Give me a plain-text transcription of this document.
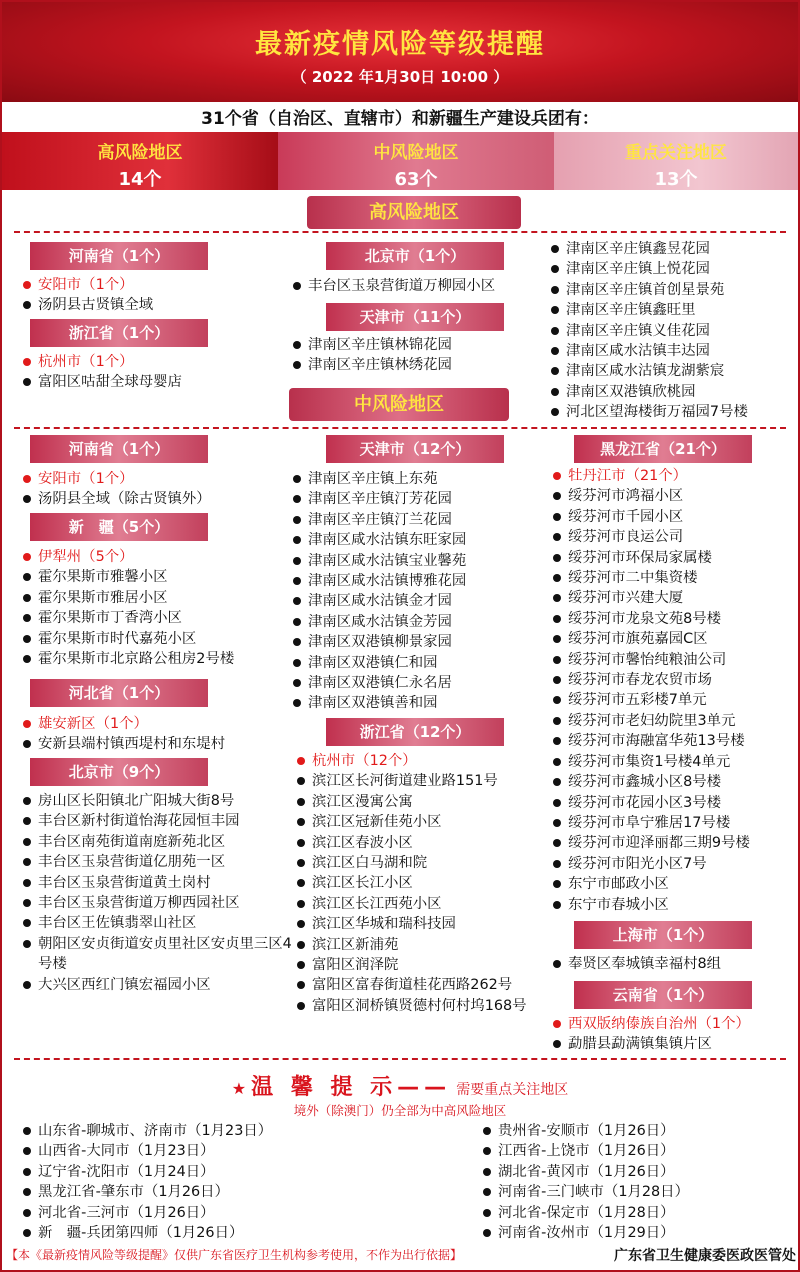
最新疫情风险等级提醒
（ 2022 年1月30日 10:00 ）
31个省（自治区、直辖市）和新疆生产建设兵团有：
高风险地区
14个
中风险地区
63个
重点关注地区
13个
高风险地区
河南省（1个）
安阳市（1个）
汤阴县古贤镇全域
浙江省（1个）
杭州市（1个）
富阳区咕甜全球母婴店
北京市（1个）
丰台区玉泉营街道万柳园小区
天津市（11个）
津南区辛庄镇林锦花园
津南区辛庄镇林绣花园
津南区辛庄镇鑫昱花园
津南区辛庄镇上悦花园
津南区辛庄镇首创星景苑
津南区辛庄镇鑫旺里
津南区辛庄镇义佳花园
津南区咸水沽镇丰达园
津南区咸水沽镇龙湖紫宸
津南区双港镇欣桃园
河北区望海楼街万福园7号楼
中风险地区
河南省（1个）
安阳市（1个）
汤阴县全域（除古贤镇外）
新　疆（5个）
伊犁州（5个）
霍尔果斯市雅馨小区
霍尔果斯市雅居小区
霍尔果斯市丁香湾小区
霍尔果斯市时代嘉苑小区
霍尔果斯市北京路公租房2号楼
河北省（1个）
雄安新区（1个）
安新县端村镇西堤村和东堤村
北京市（9个）
房山区长阳镇北广阳城大街8号
丰台区新村街道怡海花园恒丰园
丰台区南苑街道南庭新苑北区
丰台区玉泉营街道亿朋苑一区
丰台区玉泉营街道黄土岗村
丰台区玉泉营街道万柳西园社区
丰台区王佐镇翡翠山社区
朝阳区安贞街道安贞里社区安贞里三区4号楼
大兴区西红门镇宏福园小区
天津市（12个）
津南区辛庄镇上东苑
津南区辛庄镇汀芳花园
津南区辛庄镇汀兰花园
津南区咸水沽镇东旺家园
津南区咸水沽镇宝业馨苑
津南区咸水沽镇博雅花园
津南区咸水沽镇金才园
津南区咸水沽镇金芳园
津南区双港镇柳景家园
津南区双港镇仁和园
津南区双港镇仁永名居
津南区双港镇善和园
浙江省（12个）
杭州市（12个）
滨江区长河街道建业路151号
滨江区漫寓公寓
滨江区冠新佳苑小区
滨江区春波小区
滨江区白马湖和院
滨江区长江小区
滨江区长江西苑小区
滨江区华城和瑞科技园
滨江区新浦苑
富阳区润泽院
富阳区富春街道桂花西路262号
富阳区洞桥镇贤德村何村坞168号
黑龙江省（21个）
牡丹江市（21个）
绥芬河市鸿福小区
绥芬河市千园小区
绥芬河市良运公司
绥芬河市环保局家属楼
绥芬河市二中集资楼
绥芬河市兴建大厦
绥芬河市龙泉文苑8号楼
绥芬河市旗苑嘉园C区
绥芬河市馨怡纯粮油公司
绥芬河市春龙农贸市场
绥芬河市五彩楼7单元
绥芬河市老妇幼院里3单元
绥芬河市海融富华苑13号楼
绥芬河市集资1号楼4单元
绥芬河市鑫城小区8号楼
绥芬河市花园小区3号楼
绥芬河市阜宁雅居17号楼
绥芬河市迎泽丽都三期9号楼
绥芬河市阳光小区7号
东宁市邮政小区
东宁市春城小区
上海市（1个）
奉贤区奉城镇幸福村8组
云南省（1个）
西双版纳傣族自治州（1个）
勐腊县勐满镇集镇片区
★ 温 馨 提 示—— 需要重点关注地区
境外（除澳门）仍全部为中高风险地区
山东省-聊城市、济南市（1月23日）
山西省-大同市（1月23日）
辽宁省-沈阳市（1月24日）
黑龙江省-肇东市（1月26日）
河北省-三河市（1月26日）
新　疆-兵团第四师（1月26日）
贵州省-安顺市（1月26日）
江西省-上饶市（1月26日）
湖北省-黄冈市（1月26日）
河南省-三门峡市（1月28日）
河北省-保定市（1月28日）
河南省-汝州市（1月29日）
【本《最新疫情风险等级提醒》仅供广东省医疗卫生机构参考使用，不作为出行依据】	广东省卫生健康委医政医管处
